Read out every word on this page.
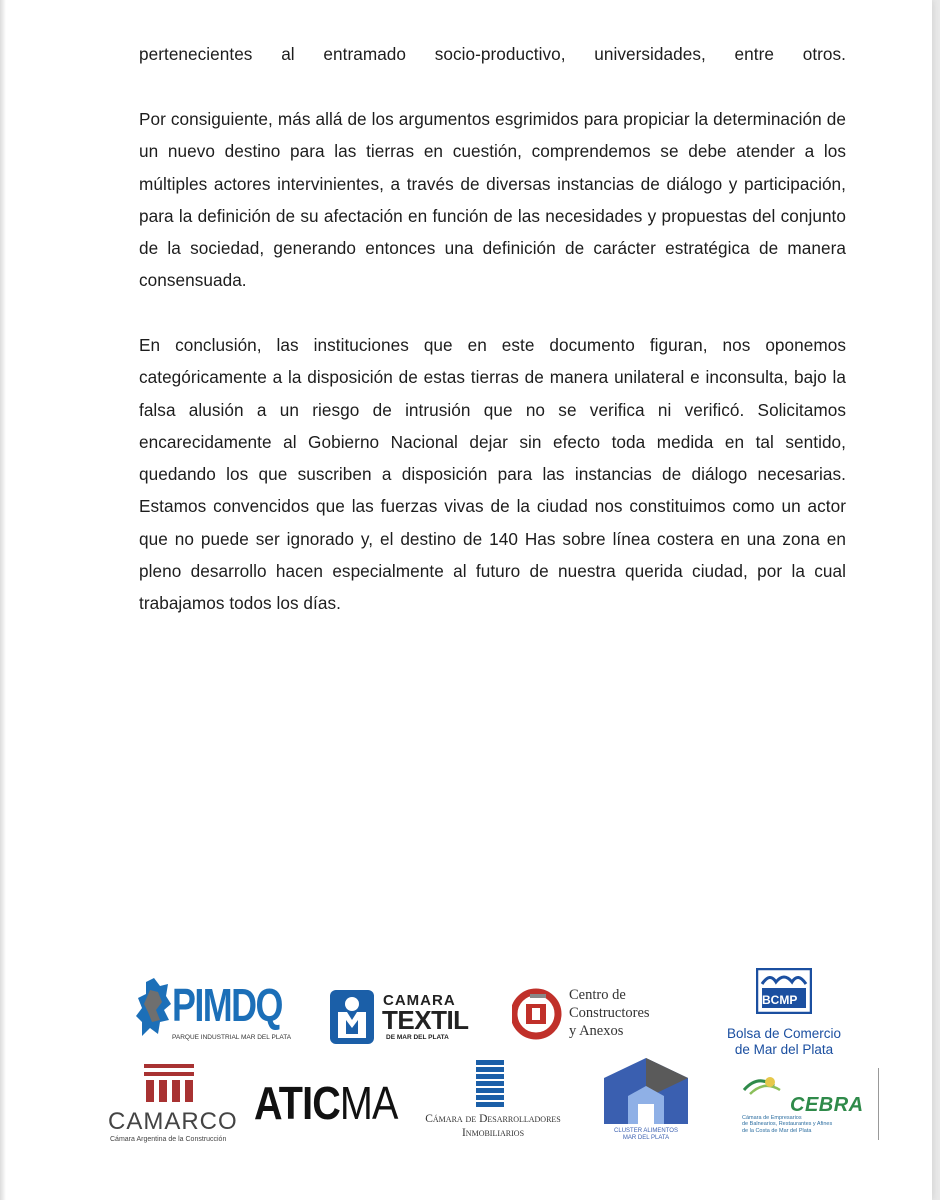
pertenecientes al entramado socio-productivo, universidades, entre otros.
Por consiguiente, más allá de los argumentos esgrimidos para propiciar la determinación de un nuevo destino para las tierras en cuestión, comprendemos se debe atender a los múltiples actores intervinientes, a través de diversas instancias de diálogo y participación, para la definición de su afectación en función de las necesidades y propuestas del conjunto de la sociedad, generando entonces una definición de carácter estratégica de manera consensuada.
En conclusión, las instituciones que en este documento figuran, nos oponemos categóricamente a la disposición de estas tierras de manera unilateral e inconsulta, bajo la falsa alusión a un riesgo de intrusión que no se verifica ni verificó. Solicitamos encarecidamente al Gobierno Nacional dejar sin efecto toda medida en tal sentido, quedando los que suscriben a disposición para las instancias de diálogo necesarias. Estamos convencidos que las fuerzas vivas de la ciudad nos constituimos como un actor que no puede ser ignorado y, el destino de 140 Has sobre línea costera en una zona en pleno desarrollo hacen especialmente al futuro de nuestra querida ciudad, por la cual trabajamos todos los días.
PIMDQ
PARQUE INDUSTRIAL MAR DEL PLATA
CAMARA
TEXTIL
DE MAR DEL PLATA
Centro de
Constructores
y Anexos
BCMP
Bolsa de Comercio
de Mar del Plata
CAMARCO
Cámara Argentina de la Construcción
ATICMA	Cámara de Desarrolladores
Inmobiliarios	CLUSTER ALIMENTOS
MAR DEL PLATA
CEBRA
Cámara de Empresarios
de Balnearios, Restaurantes y Afines
de la Costa de Mar del Plata
